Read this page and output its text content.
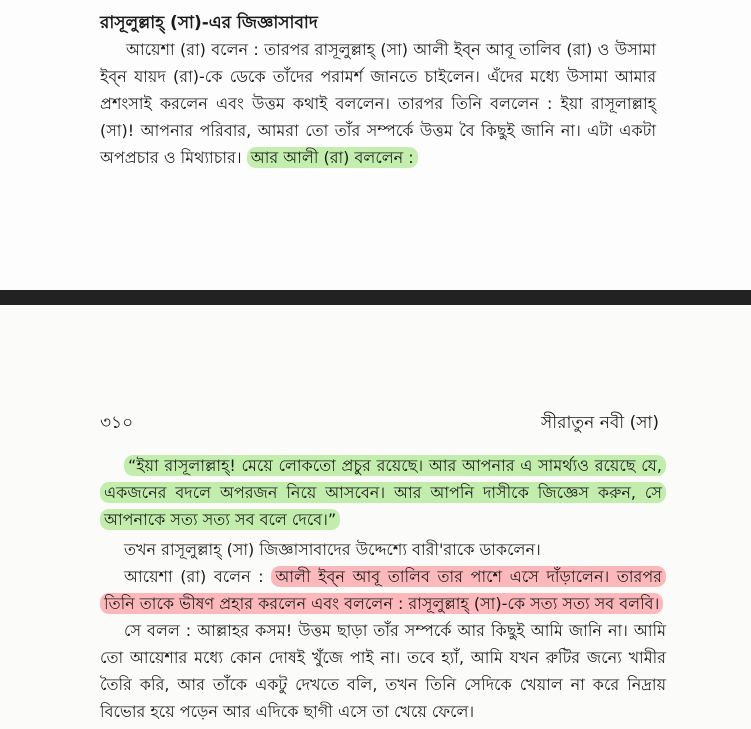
রাসূলুল্লাহ্‌ (সা)-এর জিজ্ঞাসাবাদ

আয়েশা (রা) বলেন : তারপর রাসূলুল্লাহ্‌ (সা) আলী ইব্‌ন আবূ তালিব (রা) ও উসামা ইব্‌ন যায়দ (রা)-কে ডেকে তাঁদের পরামর্শ জানতে চাইলেন। এঁদের মধ্যে উসামা আমার প্রশংসাই করলেন এবং উত্তম কথাই বললেন। তারপর তিনি বললেন : ইয়া রাসূলাল্লাহ্‌ (সা)! আপনার পরিবার, আমরা তো তাঁর সম্পর্কে উত্তম বৈ কিছুই জানি না। এটা একটা অপপ্রচার ও মিথ্যাচার। আর আলী (রা) বললেন :

৩১০	সীরাতুন নবী (সা)

“ইয়া রাসূলাল্লাহ্‌! মেয়ে লোকতো প্রচুর রয়েছে। আর আপনার এ সামর্থ্যও রয়েছে যে, একজনের বদলে অপরজন নিয়ে আসবেন। আর আপনি দাসীকে জিজ্ঞেস করুন, সে আপনাকে সত্য সত্য সব বলে দেবে।”

তখন রাসূলুল্লাহ্‌ (সা) জিজ্ঞাসাবাদের উদ্দেশ্যে বারী'রাকে ডাকলেন।

আয়েশা (রা) বলেন : আলী ইব্‌ন আবূ তালিব তার পাশে এসে দাঁড়ালেন। তারপর তিনি তাকে ভীষণ প্রহার করলেন এবং বললেন : রাসূলুল্লাহ্‌ (সা)-কে সত্য সত্য সব বলবি।

সে বলল : আল্লাহর কসম! উত্তম ছাড়া তাঁর সম্পর্কে আর কিছুই আমি জানি না। আমি তো আয়েশার মধ্যে কোন দোষই খুঁজে পাই না। তবে হ্যাঁ, আমি যখন রুটির জন্যে খামীর তৈরি করি, আর তাঁকে একটু দেখতে বলি, তখন তিনি সেদিকে খেয়াল না করে নিদ্রায় বিভোর হয়ে পড়েন আর এদিকে ছাগী এসে তা খেয়ে ফেলে।
